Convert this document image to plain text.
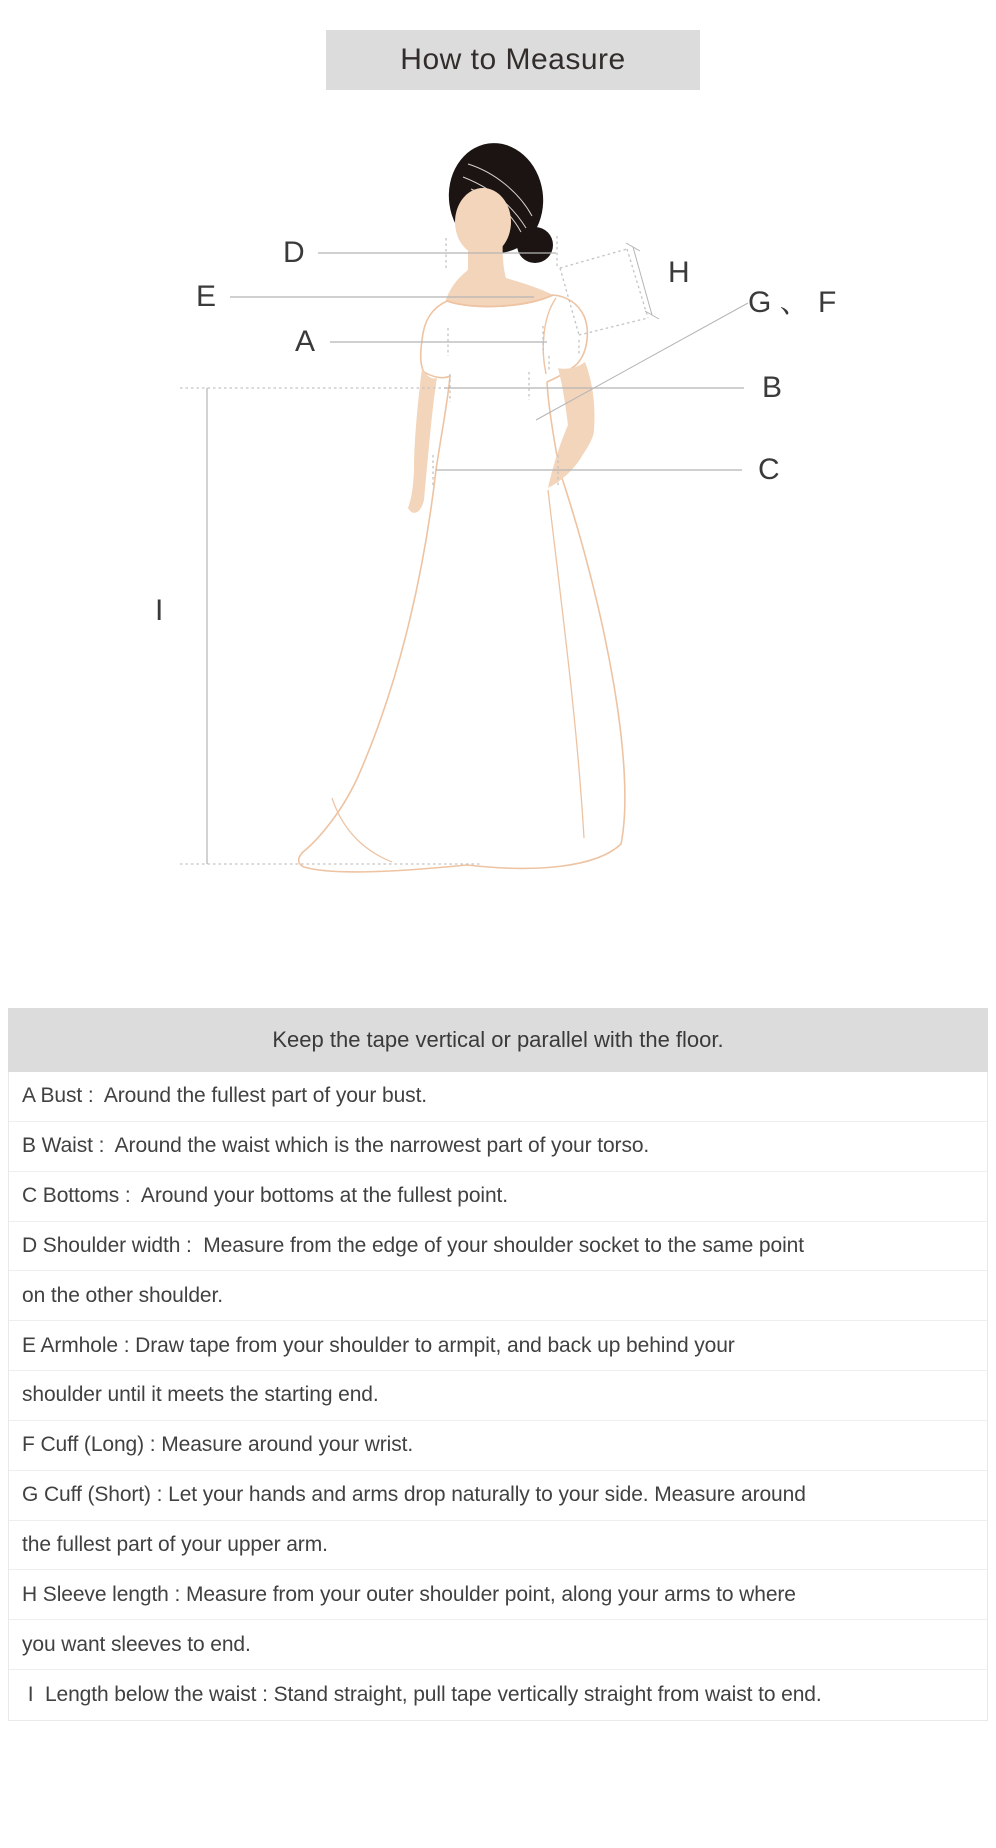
How to Measure
D
E
A
H
G 、 F
B
C
I
Keep the tape vertical or parallel with the floor.
A Bust :  Around the fullest part of your bust.
B Waist :  Around the waist which is the narrowest part of your torso.
C Bottoms :  Around your bottoms at the fullest point.
D Shoulder width :  Measure from the edge of your shoulder socket to the same point
on the other shoulder.
E Armhole : Draw tape from your shoulder to armpit, and back up behind your
shoulder until it meets the starting end.
F Cuff (Long) : Measure around your wrist.
G Cuff (Short) : Let your hands and arms drop naturally to your side. Measure around
the fullest part of your upper arm.
H Sleeve length : Measure from your outer shoulder point, along your arms to where
you want sleeves to end.
I  Length below the waist : Stand straight, pull tape vertically straight from waist to end.
